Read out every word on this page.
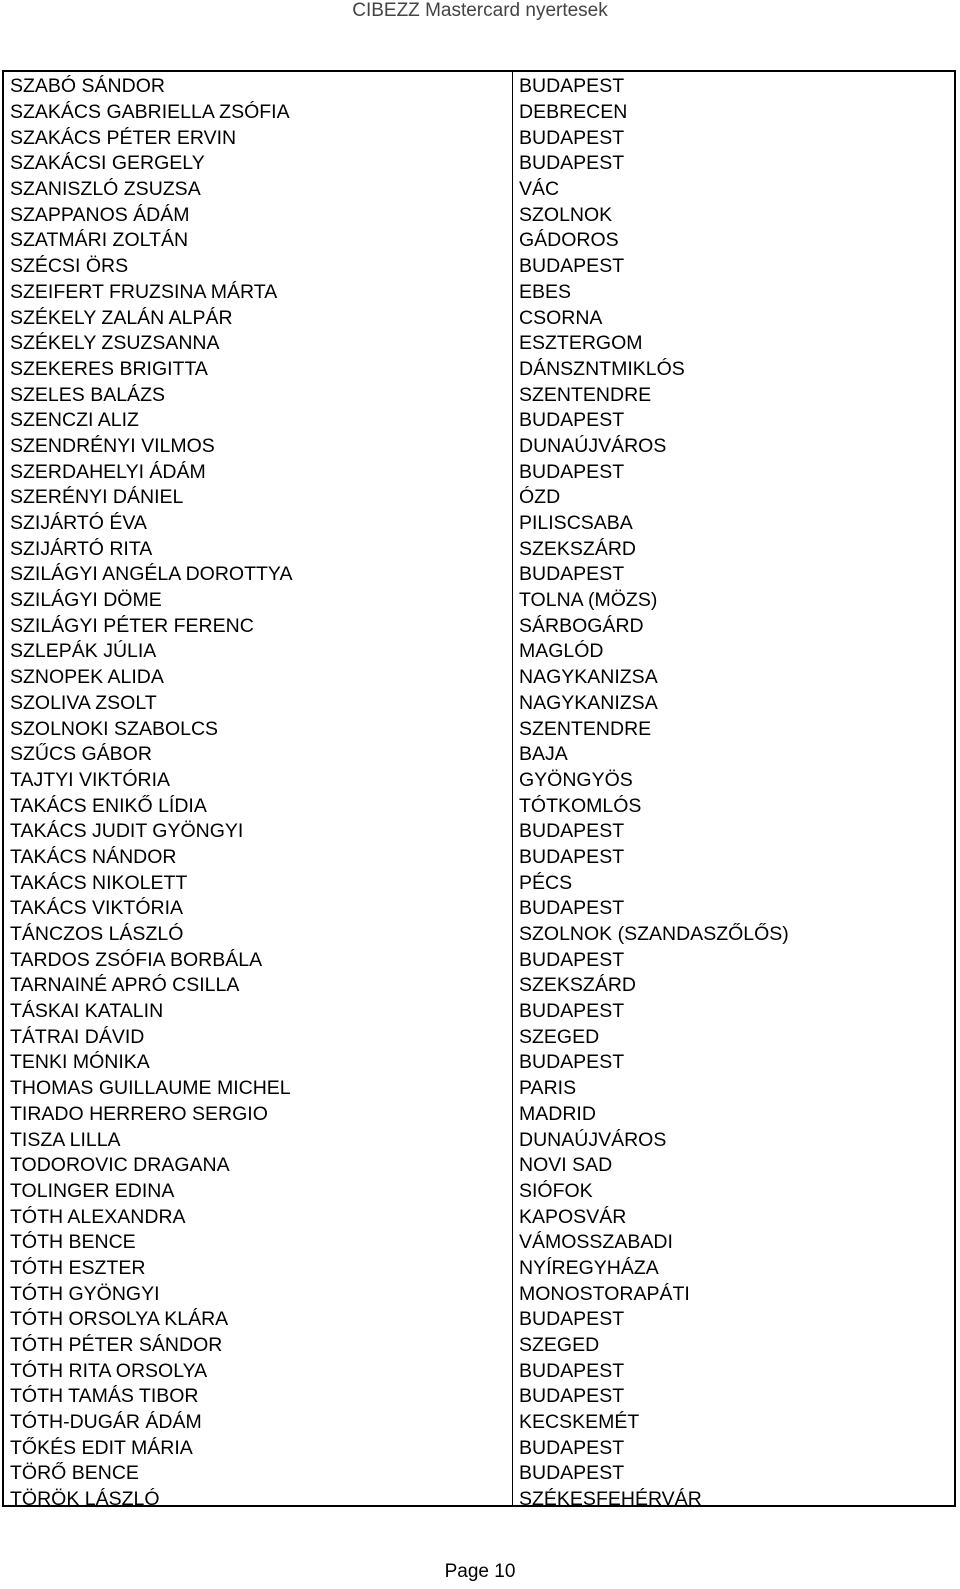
CIBEZZ Mastercard nyertesek
SZABÓ SÁNDOR	BUDAPEST
SZAKÁCS GABRIELLA ZSÓFIA	DEBRECEN
SZAKÁCS PÉTER ERVIN	BUDAPEST
SZAKÁCSI GERGELY	BUDAPEST
SZANISZLÓ ZSUZSA	VÁC
SZAPPANOS ÁDÁM	SZOLNOK
SZATMÁRI ZOLTÁN	GÁDOROS
SZÉCSI ÖRS	BUDAPEST
SZEIFERT FRUZSINA MÁRTA	EBES
SZÉKELY ZALÁN ALPÁR	CSORNA
SZÉKELY ZSUZSANNA	ESZTERGOM
SZEKERES BRIGITTA	DÁNSZNTMIKLÓS
SZELES BALÁZS	SZENTENDRE
SZENCZI ALIZ	BUDAPEST
SZENDRÉNYI VILMOS	DUNAÚJVÁROS
SZERDAHELYI ÁDÁM	BUDAPEST
SZERÉNYI DÁNIEL	ÓZD
SZIJÁRTÓ ÉVA	PILISCSABA
SZIJÁRTÓ RITA	SZEKSZÁRD
SZILÁGYI ANGÉLA DOROTTYA	BUDAPEST
SZILÁGYI DÖME	TOLNA (MÖZS)
SZILÁGYI PÉTER FERENC	SÁRBOGÁRD
SZLEPÁK JÚLIA	MAGLÓD
SZNOPEK ALIDA	NAGYKANIZSA
SZOLIVA ZSOLT	NAGYKANIZSA
SZOLNOKI SZABOLCS	SZENTENDRE
SZŰCS GÁBOR	BAJA
TAJTYI VIKTÓRIA	GYÖNGYÖS
TAKÁCS ENIKŐ LÍDIA	TÓTKOMLÓS
TAKÁCS JUDIT GYÖNGYI	BUDAPEST
TAKÁCS NÁNDOR	BUDAPEST
TAKÁCS NIKOLETT	PÉCS
TAKÁCS VIKTÓRIA	BUDAPEST
TÁNCZOS LÁSZLÓ	SZOLNOK (SZANDASZŐLŐS)
TARDOS ZSÓFIA BORBÁLA	BUDAPEST
TARNAINÉ APRÓ CSILLA	SZEKSZÁRD
TÁSKAI KATALIN	BUDAPEST
TÁTRAI DÁVID	SZEGED
TENKI MÓNIKA	BUDAPEST
THOMAS GUILLAUME MICHEL	PARIS
TIRADO HERRERO SERGIO	MADRID
TISZA LILLA	DUNAÚJVÁROS
TODOROVIC DRAGANA	NOVI SAD
TOLINGER EDINA	SIÓFOK
TÓTH ALEXANDRA	KAPOSVÁR
TÓTH BENCE	VÁMOSSZABADI
TÓTH ESZTER	NYÍREGYHÁZA
TÓTH GYÖNGYI	MONOSTORAPÁTI
TÓTH ORSOLYA KLÁRA	BUDAPEST
TÓTH PÉTER SÁNDOR	SZEGED
TÓTH RITA ORSOLYA	BUDAPEST
TÓTH TAMÁS TIBOR	BUDAPEST
TÓTH-DUGÁR ÁDÁM	KECSKEMÉT
TŐKÉS EDIT MÁRIA	BUDAPEST
TÖRŐ BENCE	BUDAPEST
TÖRÖK LÁSZLÓ	SZÉKESFEHÉRVÁR
Page 10
